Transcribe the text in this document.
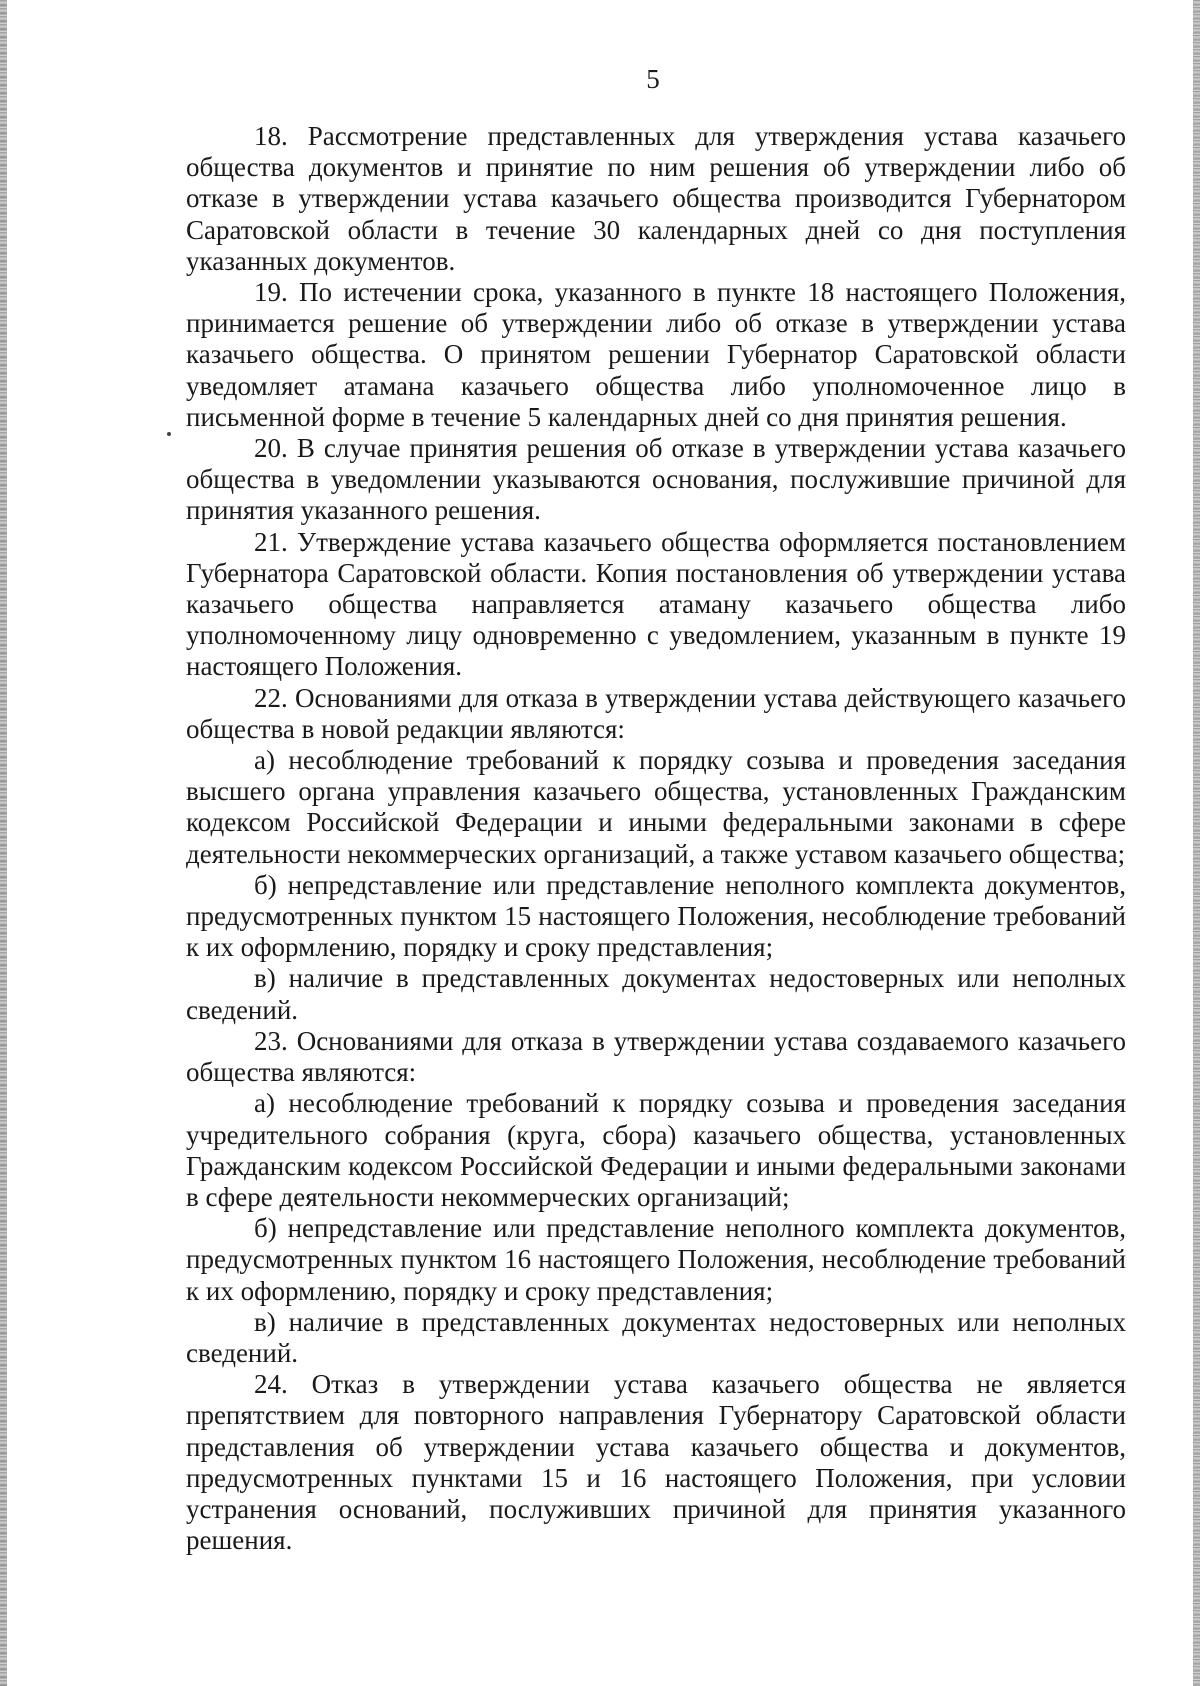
5

18. Рассмотрение представленных для утверждения устава казачьего общества документов и принятие по ним решения об утверждении либо об отказе в утверждении устава казачьего общества производится Губернатором Саратовской области в течение 30 календарных дней со дня поступления указанных документов.

19. По истечении срока, указанного в пункте 18 настоящего Положения, принимается решение об утверждении либо об отказе в утверждении устава казачьего общества. О принятом решении Губернатор Саратовской области уведомляет атамана казачьего общества либо уполномоченное лицо в письменной форме в течение 5 календарных дней со дня принятия решения.

20. В случае принятия решения об отказе в утверждении устава казачьего общества в уведомлении указываются основания, послужившие причиной для принятия указанного решения.

21. Утверждение устава казачьего общества оформляется постановлением Губернатора Саратовской области. Копия постановления об утверждении устава казачьего общества направляется атаману казачьего общества либо уполномоченному лицу одновременно с уведомлением, указанным в пункте 19 настоящего Положения.

22. Основаниями для отказа в утверждении устава действующего казачьего общества в новой редакции являются:

а) несоблюдение требований к порядку созыва и проведения заседания высшего органа управления казачьего общества, установленных Гражданским кодексом Российской Федерации и иными федеральными законами в сфере деятельности некоммерческих организаций, а также уставом казачьего общества;

б) непредставление или представление неполного комплекта документов, предусмотренных пунктом 15 настоящего Положения, несоблюдение требований к их оформлению, порядку и сроку представления;

в) наличие в представленных документах недостоверных или неполных сведений.

23. Основаниями для отказа в утверждении устава создаваемого казачьего общества являются:

а) несоблюдение требований к порядку созыва и проведения заседания учредительного собрания (круга, сбора) казачьего общества, установленных Гражданским кодексом Российской Федерации и иными федеральными законами в сфере деятельности некоммерческих организаций;

б) непредставление или представление неполного комплекта документов, предусмотренных пунктом 16 настоящего Положения, несоблюдение требований к их оформлению, порядку и сроку представления;

в) наличие в представленных документах недостоверных или неполных сведений.

24. Отказ в утверждении устава казачьего общества не является препятствием для повторного направления Губернатору Саратовской области представления об утверждении устава казачьего общества и документов, предусмотренных пунктами 15 и 16 настоящего Положения, при условии устранения оснований, послуживших причиной для принятия указанного решения.
